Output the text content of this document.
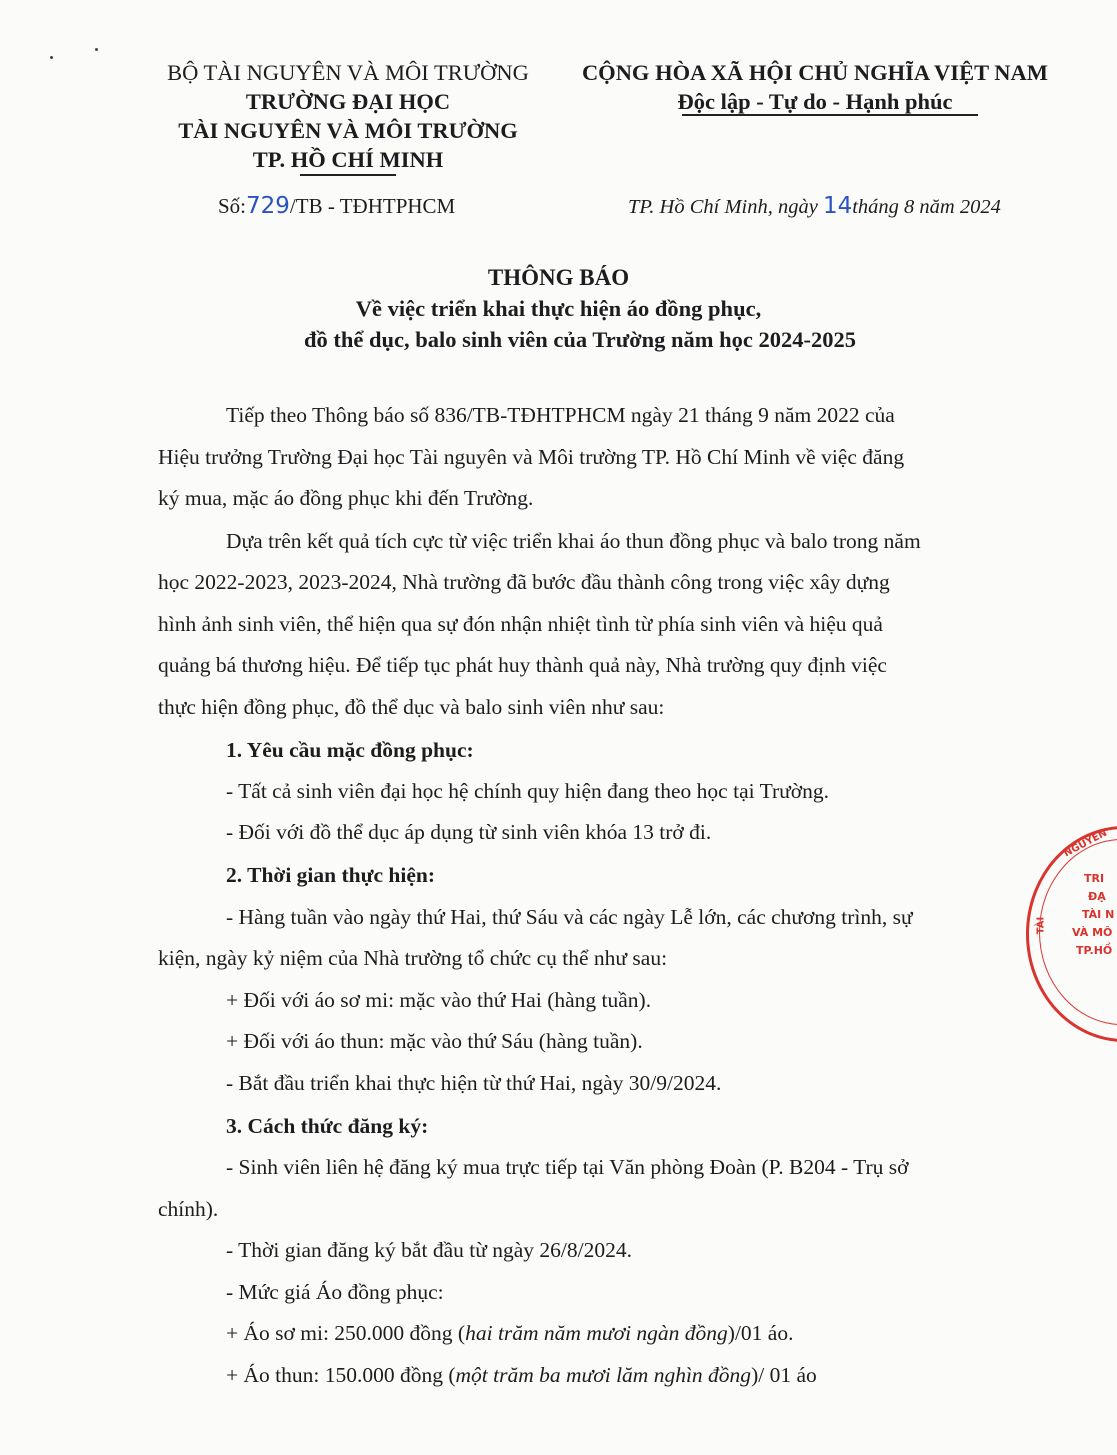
BỘ TÀI NGUYÊN VÀ MÔI TRƯỜNG
TRƯỜNG ĐẠI HỌC
TÀI NGUYÊN VÀ MÔI TRƯỜNG
TP. HỒ CHÍ MINH
CỘNG HÒA XÃ HỘI CHỦ NGHĨA VIỆT NAM
Độc lập - Tự do - Hạnh phúc
Số:729/TB - TĐHTPHCM	TP. Hồ Chí Minh, ngày 14tháng 8 năm 2024
THÔNG BÁO
Về việc triển khai thực hiện áo đồng phục,
đồ thể dục, balo sinh viên của Trường năm học 2024-2025
Tiếp theo Thông báo số 836/TB-TĐHTPHCM ngày 21 tháng 9 năm 2022 của
Hiệu trưởng Trường Đại học Tài nguyên và Môi trường TP. Hồ Chí Minh về việc đăng
ký mua, mặc áo đồng phục khi đến Trường.
Dựa trên kết quả tích cực từ việc triển khai áo thun đồng phục và balo trong năm
học 2022-2023, 2023-2024, Nhà trường đã bước đầu thành công trong việc xây dựng
hình ảnh sinh viên, thể hiện qua sự đón nhận nhiệt tình từ phía sinh viên và hiệu quả
quảng bá thương hiệu. Để tiếp tục phát huy thành quả này, Nhà trường quy định việc
thực hiện đồng phục, đồ thể dục và balo sinh viên như sau:
1. Yêu cầu mặc đồng phục:
- Tất cả sinh viên đại học hệ chính quy hiện đang theo học tại Trường.
- Đối với đồ thể dục áp dụng từ sinh viên khóa 13 trở đi.
2. Thời gian thực hiện:
- Hàng tuần vào ngày thứ Hai, thứ Sáu và các ngày Lễ lớn, các chương trình, sự
kiện, ngày kỷ niệm của Nhà trường tổ chức cụ thể như sau:
+ Đối với áo sơ mi: mặc vào thứ Hai (hàng tuần).
+ Đối với áo thun: mặc vào thứ Sáu (hàng tuần).
- Bắt đầu triển khai thực hiện từ thứ Hai, ngày 30/9/2024.
3. Cách thức đăng ký:
- Sinh viên liên hệ đăng ký mua trực tiếp tại Văn phòng Đoàn (P. B204 - Trụ sở
chính).
- Thời gian đăng ký bắt đầu từ ngày 26/8/2024.
- Mức giá Áo đồng phục:
+ Áo sơ mi: 250.000 đồng (hai trăm năm mươi ngàn đồng)/01 áo.
+ Áo thun: 150.000 đồng (một trăm ba mươi lăm nghìn đồng)/ 01 áo
NGUYÊN
TÀI
TRI
ĐẠ
TÀI N
VÀ MÔ
TP.HỒ
